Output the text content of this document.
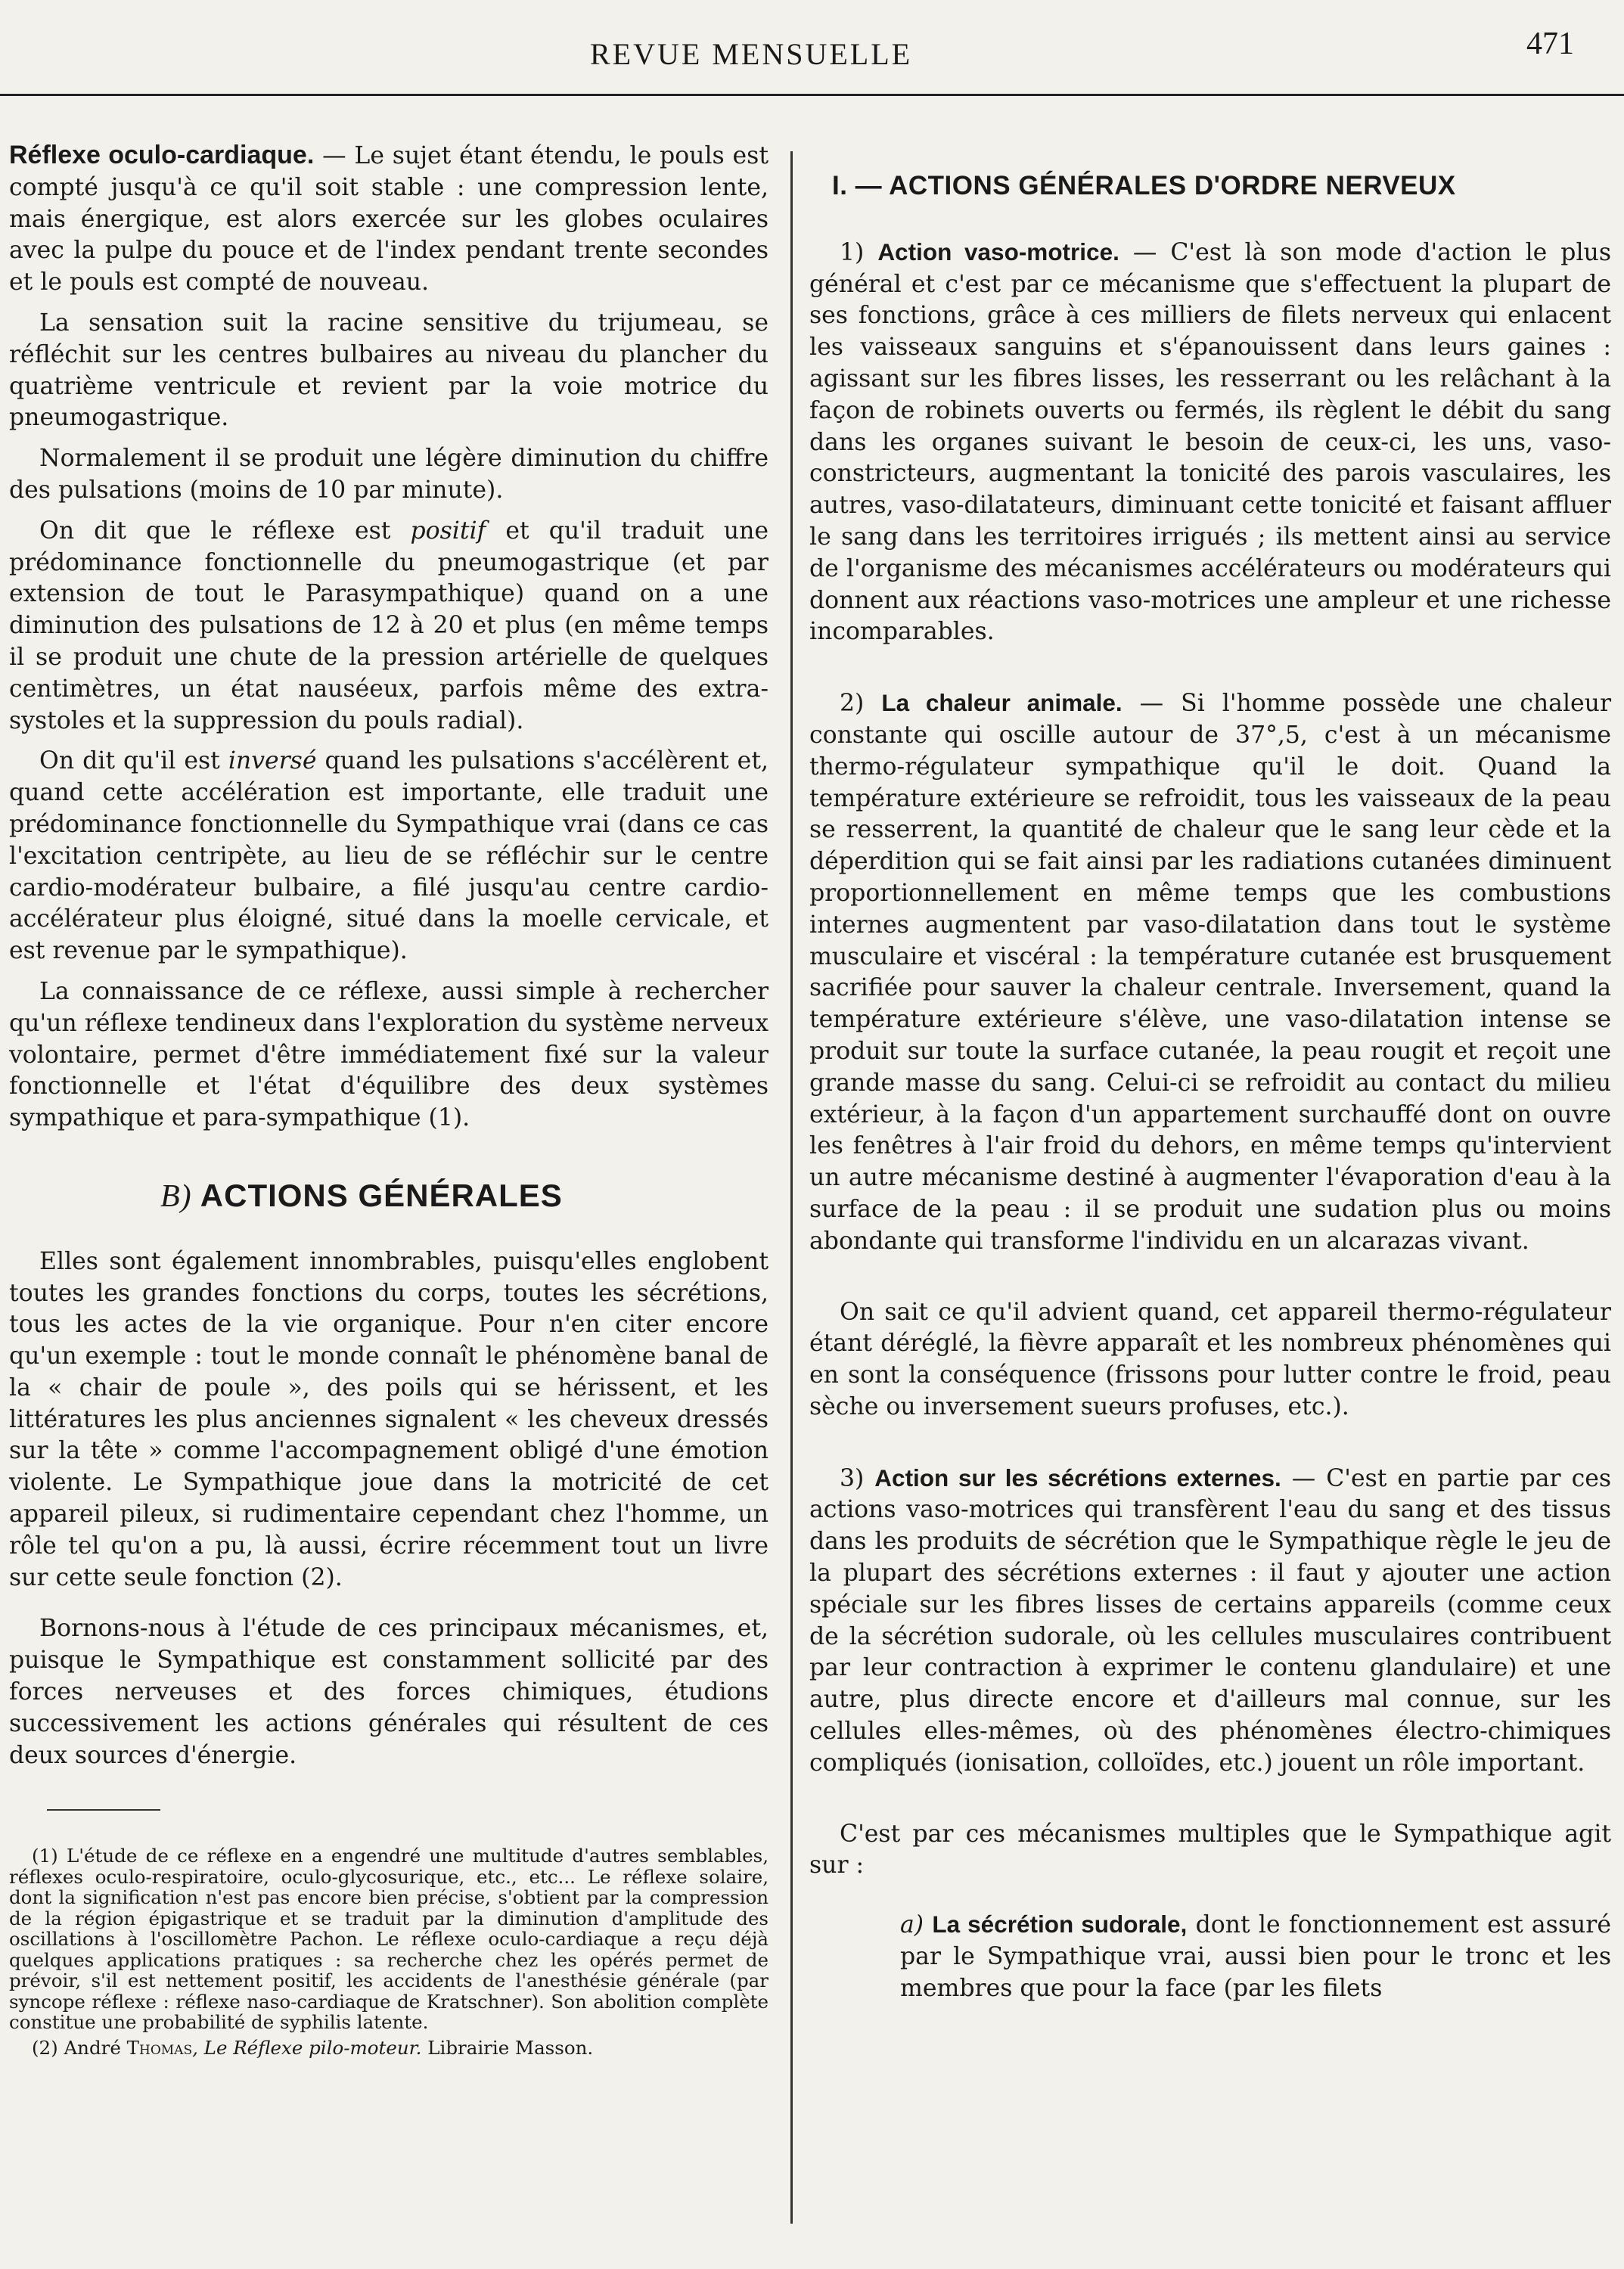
REVUE MENSUELLE	471

Réflexe oculo-cardiaque. — Le sujet étant étendu, le pouls est compté jusqu'à ce qu'il soit stable : une compression lente, mais énergique, est alors exercée sur les globes oculaires avec la pulpe du pouce et de l'index pendant trente secondes et le pouls est compté de nouveau.

La sensation suit la racine sensitive du trijumeau, se réfléchit sur les centres bulbaires au niveau du plancher du quatrième ventricule et revient par la voie motrice du pneumogastrique.

Normalement il se produit une légère diminution du chiffre des pulsations (moins de 10 par minute).

On dit que le réflexe est positif et qu'il traduit une prédominance fonctionnelle du pneumogastrique (et par extension de tout le Parasympathique) quand on a une diminution des pulsations de 12 à 20 et plus (en même temps il se produit une chute de la pression artérielle de quelques centimètres, un état nauséeux, parfois même des extra-systoles et la suppression du pouls radial).

On dit qu'il est inversé quand les pulsations s'accélèrent et, quand cette accélération est importante, elle traduit une prédominance fonctionnelle du Sympathique vrai (dans ce cas l'excitation centripète, au lieu de se réfléchir sur le centre cardio-modérateur bulbaire, a filé jusqu'au centre cardio-accélérateur plus éloigné, situé dans la moelle cervicale, et est revenue par le sympathique).

La connaissance de ce réflexe, aussi simple à rechercher qu'un réflexe tendineux dans l'exploration du système nerveux volontaire, permet d'être immédiatement fixé sur la valeur fonctionnelle et l'état d'équilibre des deux systèmes sympathique et para-sympathique (1).

B) ACTIONS GÉNÉRALES

Elles sont également innombrables, puisqu'elles englobent toutes les grandes fonctions du corps, toutes les sécrétions, tous les actes de la vie organique. Pour n'en citer encore qu'un exemple : tout le monde connaît le phénomène banal de la « chair de poule », des poils qui se hérissent, et les littératures les plus anciennes signalent « les cheveux dressés sur la tête » comme l'accompagnement obligé d'une émotion violente. Le Sympathique joue dans la motricité de cet appareil pileux, si rudimentaire cependant chez l'homme, un rôle tel qu'on a pu, là aussi, écrire récemment tout un livre sur cette seule fonction (2).

Bornons-nous à l'étude de ces principaux mécanismes, et, puisque le Sympathique est constamment sollicité par des forces nerveuses et des forces chimiques, étudions successivement les actions générales qui résultent de ces deux sources d'énergie.

(1) L'étude de ce réflexe en a engendré une multitude d'autres semblables, réflexes oculo-respiratoire, oculo-glycosurique, etc., etc... Le réflexe solaire, dont la signification n'est pas encore bien précise, s'obtient par la compression de la région épigastrique et se traduit par la diminution d'amplitude des oscillations à l'oscillomètre Pachon. Le réflexe oculo-cardiaque a reçu déjà quelques applications pratiques : sa recherche chez les opérés permet de prévoir, s'il est nettement positif, les accidents de l'anesthésie générale (par syncope réflexe : réflexe naso-cardiaque de Kratschner). Son abolition complète constitue une probabilité de syphilis latente.

(2) André Thomas, Le Réflexe pilo-moteur. Librairie Masson.

I. — ACTIONS GÉNÉRALES D'ORDRE NERVEUX

1) Action vaso-motrice. — C'est là son mode d'action le plus général et c'est par ce mécanisme que s'effectuent la plupart de ses fonctions, grâce à ces milliers de filets nerveux qui enlacent les vaisseaux sanguins et s'épanouissent dans leurs gaines : agissant sur les fibres lisses, les resserrant ou les relâchant à la façon de robinets ouverts ou fermés, ils règlent le débit du sang dans les organes suivant le besoin de ceux-ci, les uns, vaso-constricteurs, augmentant la tonicité des parois vasculaires, les autres, vaso-dilatateurs, diminuant cette tonicité et faisant affluer le sang dans les territoires irrigués ; ils mettent ainsi au service de l'organisme des mécanismes accélérateurs ou modérateurs qui donnent aux réactions vaso-motrices une ampleur et une richesse incomparables.

2) La chaleur animale. — Si l'homme possède une chaleur constante qui oscille autour de 37°,5, c'est à un mécanisme thermo-régulateur sympathique qu'il le doit. Quand la température extérieure se refroidit, tous les vaisseaux de la peau se resserrent, la quantité de chaleur que le sang leur cède et la déperdition qui se fait ainsi par les radiations cutanées diminuent proportionnellement en même temps que les combustions internes augmentent par vaso-dilatation dans tout le système musculaire et viscéral : la température cutanée est brusquement sacrifiée pour sauver la chaleur centrale. Inversement, quand la température extérieure s'élève, une vaso-dilatation intense se produit sur toute la surface cutanée, la peau rougit et reçoit une grande masse du sang. Celui-ci se refroidit au contact du milieu extérieur, à la façon d'un appartement surchauffé dont on ouvre les fenêtres à l'air froid du dehors, en même temps qu'intervient un autre mécanisme destiné à augmenter l'évaporation d'eau à la surface de la peau : il se produit une sudation plus ou moins abondante qui transforme l'individu en un alcarazas vivant.

On sait ce qu'il advient quand, cet appareil thermo-régulateur étant déréglé, la fièvre apparaît et les nombreux phénomènes qui en sont la conséquence (frissons pour lutter contre le froid, peau sèche ou inversement sueurs profuses, etc.).

3) Action sur les sécrétions externes. — C'est en partie par ces actions vaso-motrices qui transfèrent l'eau du sang et des tissus dans les produits de sécrétion que le Sympathique règle le jeu de la plupart des sécrétions externes : il faut y ajouter une action spéciale sur les fibres lisses de certains appareils (comme ceux de la sécrétion sudorale, où les cellules musculaires contribuent par leur contraction à exprimer le contenu glandulaire) et une autre, plus directe encore et d'ailleurs mal connue, sur les cellules elles-mêmes, où des phénomènes électro-chimiques compliqués (ionisation, colloïdes, etc.) jouent un rôle important.

C'est par ces mécanismes multiples que le Sympathique agit sur :

a) La sécrétion sudorale, dont le fonctionnement est assuré par le Sympathique vrai, aussi bien pour le tronc et les membres que pour la face (par les filets
